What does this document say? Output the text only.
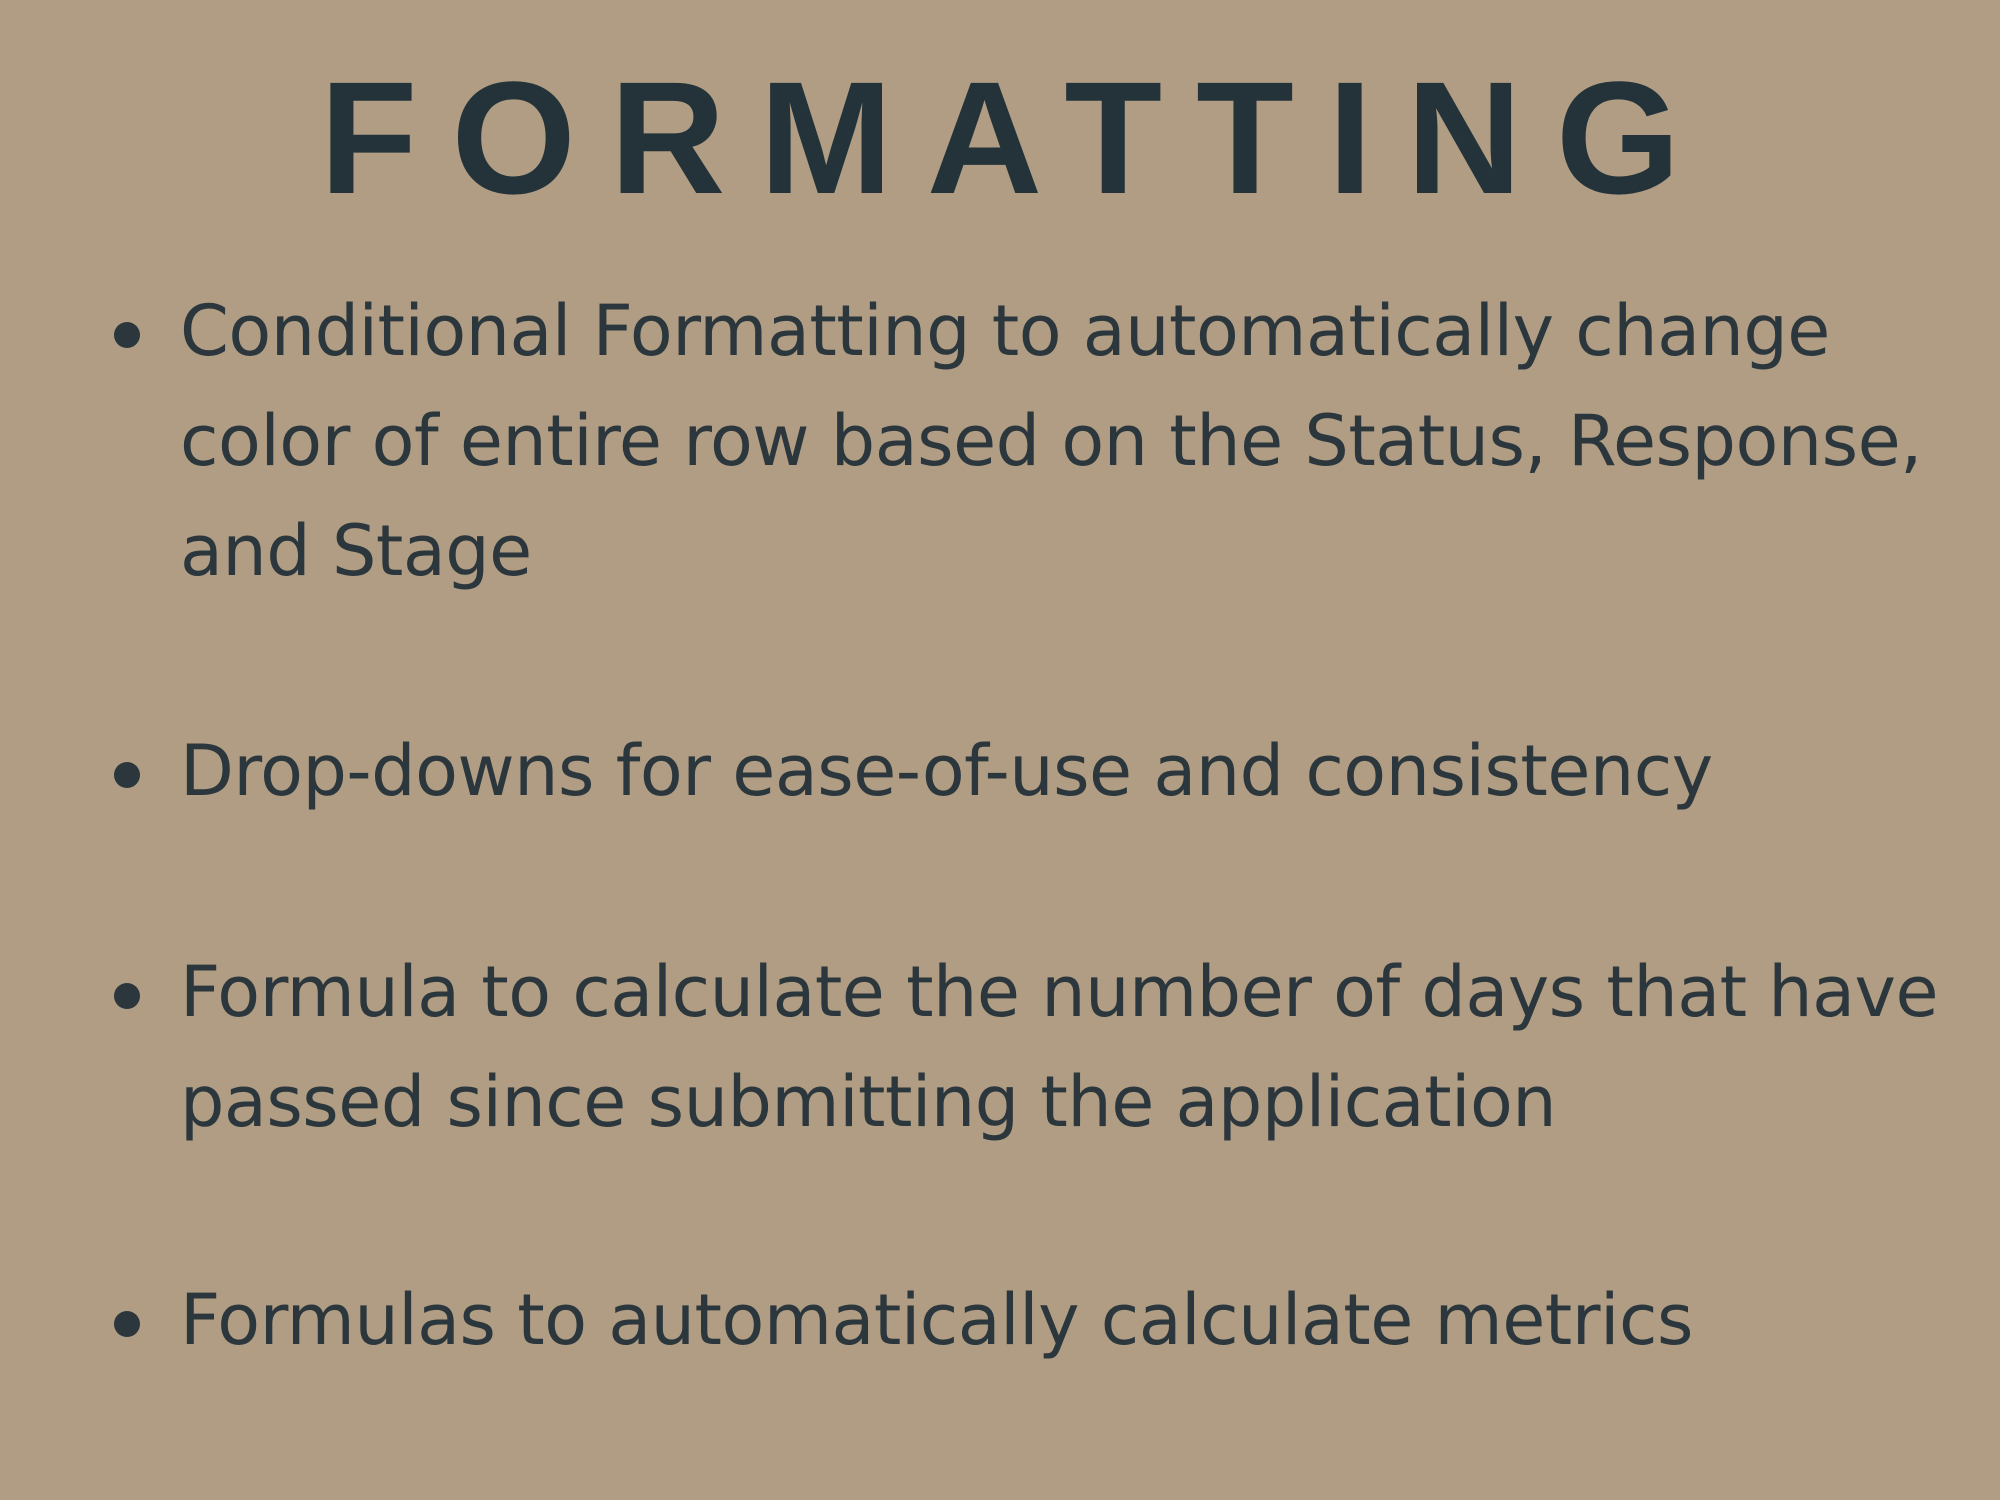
FORMATTING
Conditional Formatting to automatically change
color of entire row based on the Status, Response,
and Stage
Drop-downs for ease-of-use and consistency
Formula to calculate the number of days that have
passed since submitting the application
Formulas to automatically calculate metrics
